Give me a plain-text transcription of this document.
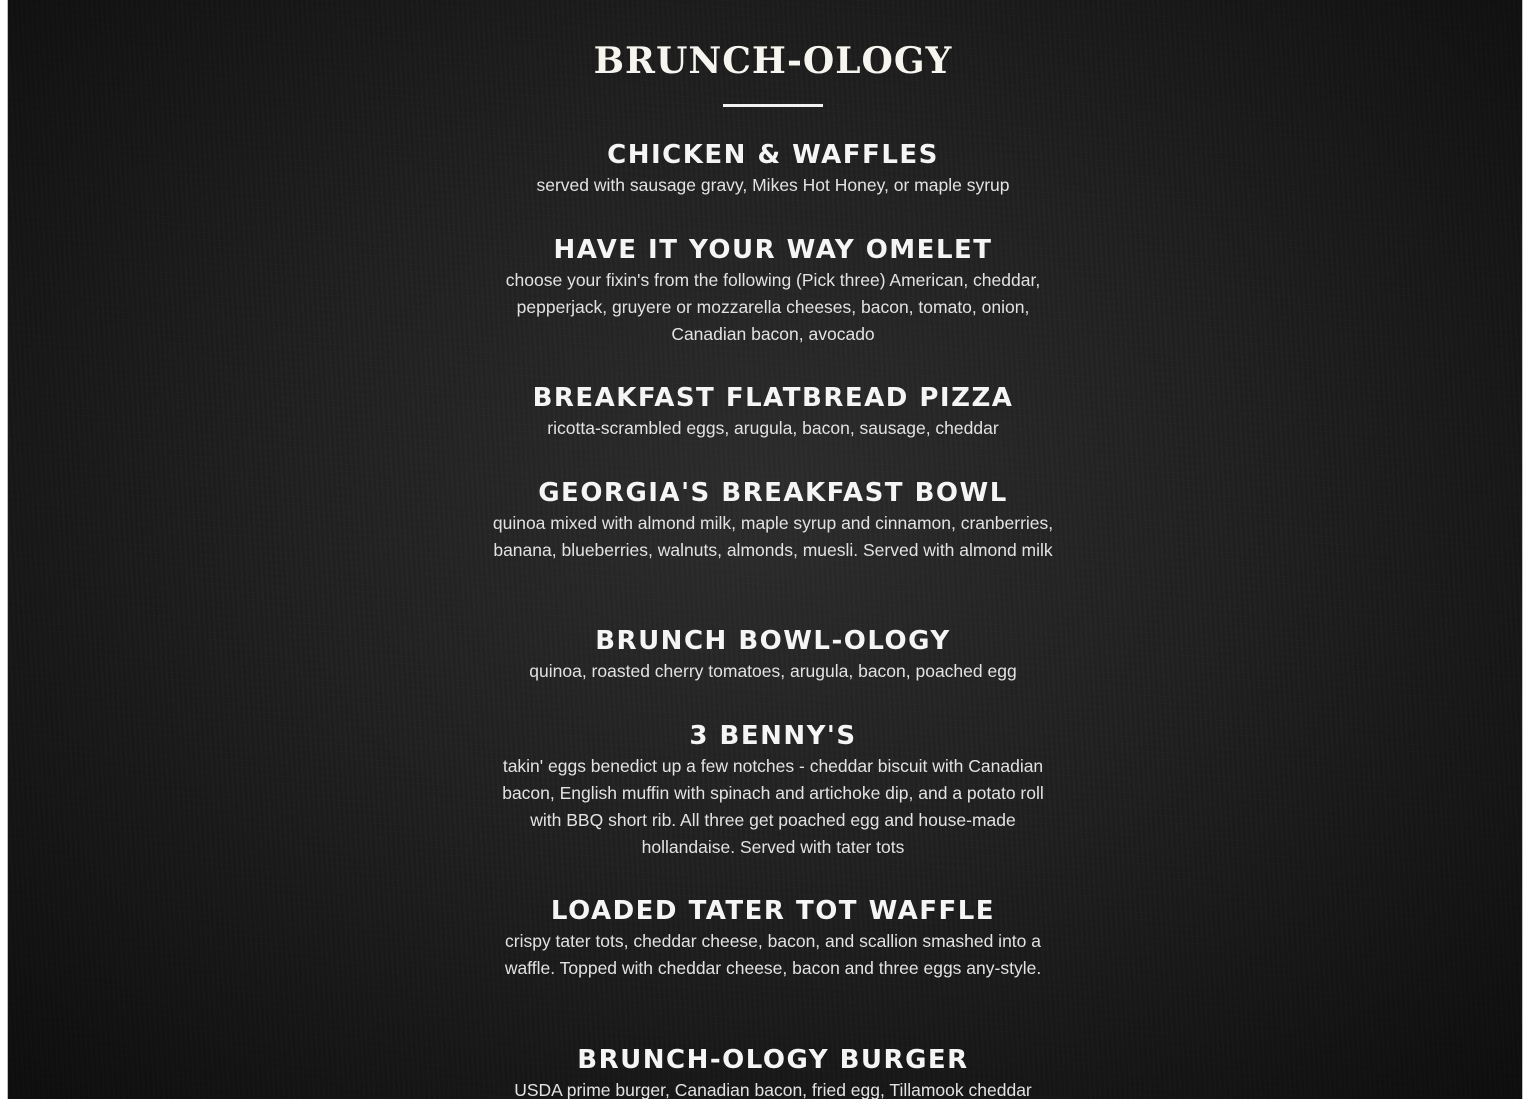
BRUNCH-OLOGY
CHICKEN & WAFFLES

served with sausage gravy, Mikes Hot Honey, or maple syrup

HAVE IT YOUR WAY OMELET

choose your fixin's from the following (Pick three) American, cheddar, pepperjack, gruyere or mozzarella cheeses, bacon, tomato, onion, Canadian bacon, avocado

BREAKFAST FLATBREAD PIZZA

ricotta-scrambled eggs, arugula, bacon, sausage, cheddar

GEORGIA'S BREAKFAST BOWL

quinoa mixed with almond milk, maple syrup and cinnamon, cranberries, banana, blueberries, walnuts, almonds, muesli. Served with almond milk

BRUNCH BOWL-OLOGY

quinoa, roasted cherry tomatoes, arugula, bacon, poached egg

3 BENNY'S

takin' eggs benedict up a few notches - cheddar biscuit with Canadian bacon, English muffin with spinach and artichoke dip, and a potato roll with BBQ short rib. All three get poached egg and house-made hollandaise. Served with tater tots

LOADED TATER TOT WAFFLE

crispy tater tots, cheddar cheese, bacon, and scallion smashed into a waffle. Topped with cheddar cheese, bacon and three eggs any-style.

BRUNCH-OLOGY BURGER

USDA prime burger, Canadian bacon, fried egg, Tillamook cheddar
